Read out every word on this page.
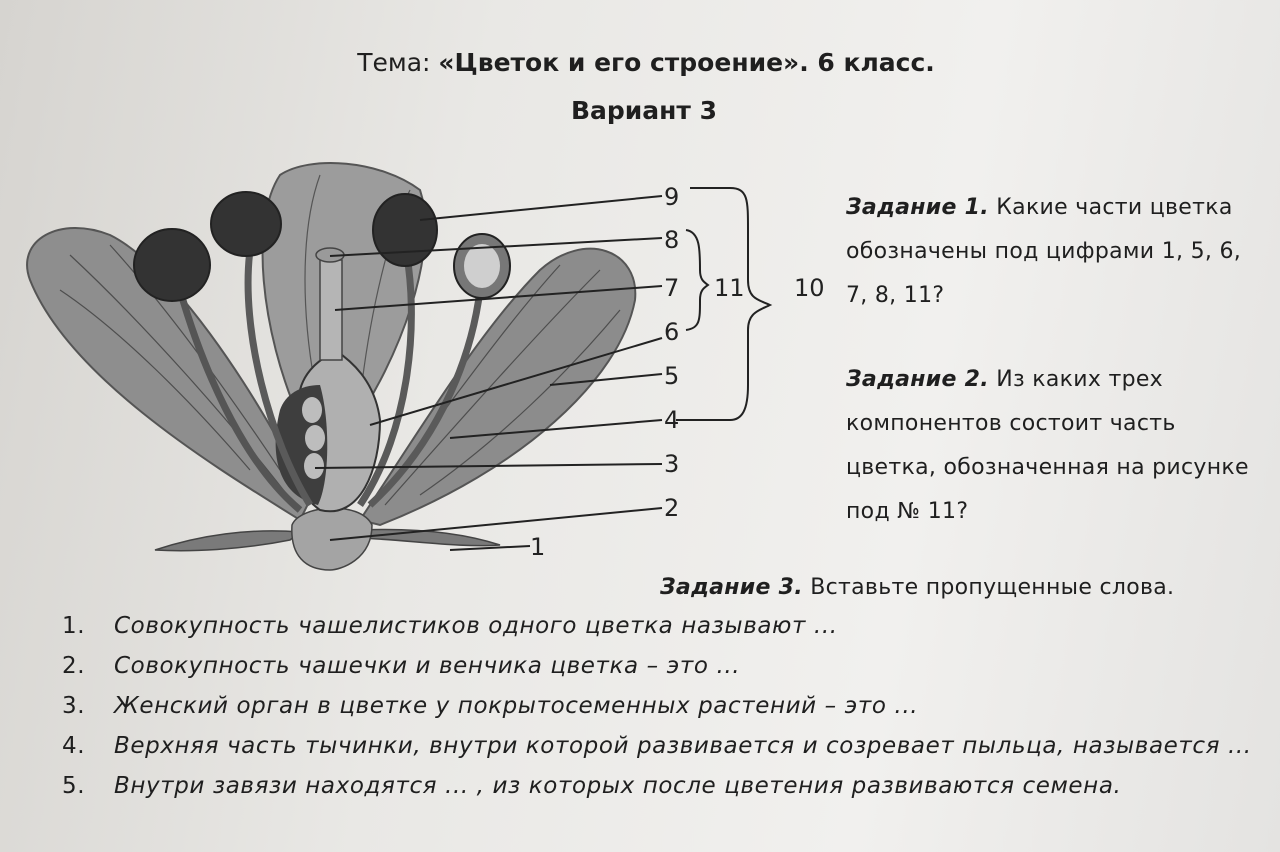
Тема: «Цветок и его строение». 6 класс.
Вариант 3
9
8
7 11 10
6
5
4
3
2
1
Задание 1. Какие части цветка обозначены под цифрами 1, 5, 6, 7, 8, 11?
Задание 2. Из каких трех компонентов состоит часть цветка, обозначенная на рисунке под № 11?
Задание 3. Вставьте пропущенные слова.
1. Совокупность чашелистиков одного цветка называют ...
2. Совокупность чашечки и венчика цветка – это ...
3. Женский орган в цветке у покрытосеменных растений – это ...
4. Верхняя часть тычинки, внутри которой развивается и созревает пыльца, называется ...
5. Внутри завязи находятся ... , из которых после цветения развиваются семена.
